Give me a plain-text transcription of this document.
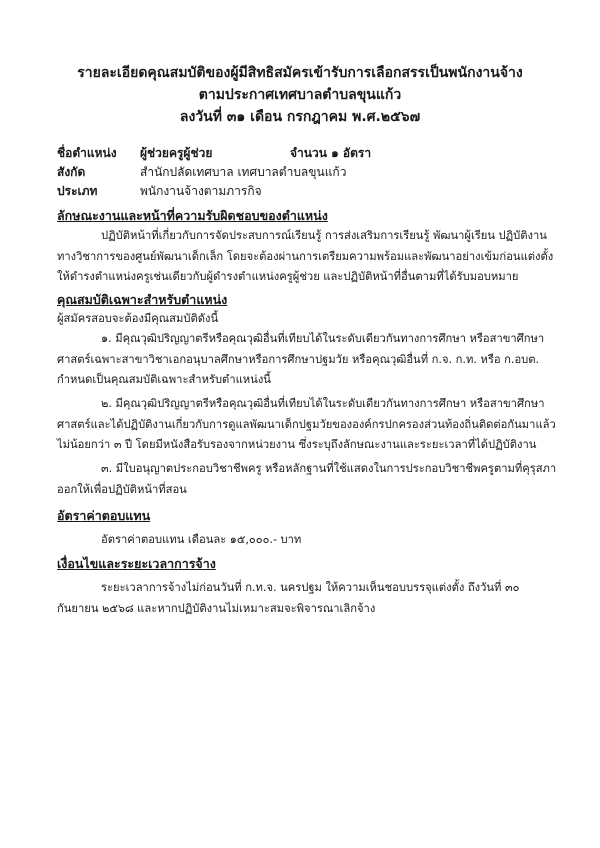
รายละเอียดคุณสมบัติของผู้มีสิทธิสมัครเข้ารับการเลือกสรรเป็นพนักงานจ้าง
ตามประกาศเทศบาลตำบลขุนแก้ว
ลงวันที่ ๓๑ เดือน กรกฎาคม พ.ศ.๒๕๖๗
ชื่อตำแหน่ง ผู้ช่วยครูผู้ช่วย	จำนวน ๑ อัตรา
สังกัด	สำนักปลัดเทศบาล เทศบาลตำบลขุนแก้ว
ประเภท	พนักงานจ้างตามภารกิจ
ลักษณะงานและหน้าที่ความรับผิดชอบของตำแหน่ง
ปฏิบัติหน้าที่เกี่ยวกับการจัดประสบการณ์เรียนรู้ การส่งเสริมการเรียนรู้ พัฒนาผู้เรียน ปฏิบัติงาน ทางวิชาการของศูนย์พัฒนาเด็กเล็ก โดยจะต้องผ่านการเตรียมความพร้อมและพัฒนาอย่างเข้มก่อนแต่งตั้งให้ดำรงตำแหน่งครูเช่นเดียวกับผู้ดำรงตำแหน่งครูผู้ช่วย และปฏิบัติหน้าที่อื่นตามที่ได้รับมอบหมาย
คุณสมบัติเฉพาะสำหรับตำแหน่ง
ผู้สมัครสอบจะต้องมีคุณสมบัติดังนี้
๑. มีคุณวุฒิปริญญาตรีหรือคุณวุฒิอื่นที่เทียบได้ในระดับเดียวกันทางการศึกษา หรือสาขาศึกษาศาสตร์เฉพาะสาขาวิชาเอกอนุบาลศึกษาหรือการศึกษาปฐมวัย หรือคุณวุฒิอื่นที่ ก.จ. ก.ท. หรือ ก.อบต. กำหนดเป็นคุณสมบัติเฉพาะสำหรับตำแหน่งนี้
๒. มีคุณวุฒิปริญญาตรีหรือคุณวุฒิอื่นที่เทียบได้ในระดับเดียวกันทางการศึกษา หรือสาขาศึกษาศาสตร์และได้ปฏิบัติงานเกี่ยวกับการดูแลพัฒนาเด็กปฐมวัยขององค์กรปกครองส่วนท้องถิ่นติดต่อกันมาแล้วไม่น้อยกว่า ๓ ปี โดยมีหนังสือรับรองจากหน่วยงาน ซึ่งระบุถึงลักษณะงานและระยะเวลาที่ได้ปฏิบัติงาน
๓. มีใบอนุญาตประกอบวิชาชีพครู หรือหลักฐานที่ใช้แสดงในการประกอบวิชาชีพครูตามที่คุรุสภา ออกให้เพื่อปฏิบัติหน้าที่สอน
อัตราค่าตอบแทน
อัตราค่าตอบแทน เดือนละ ๑๕,๐๐๐.- บาท
เงื่อนไขและระยะเวลาการจ้าง
ระยะเวลาการจ้างไม่ก่อนวันที่ ก.ท.จ. นครปฐม ให้ความเห็นชอบบรรจุแต่งตั้ง ถึงวันที่ ๓๐ กันยายน ๒๕๖๘ และหากปฏิบัติงานไม่เหมาะสมจะพิจารณาเลิกจ้าง
